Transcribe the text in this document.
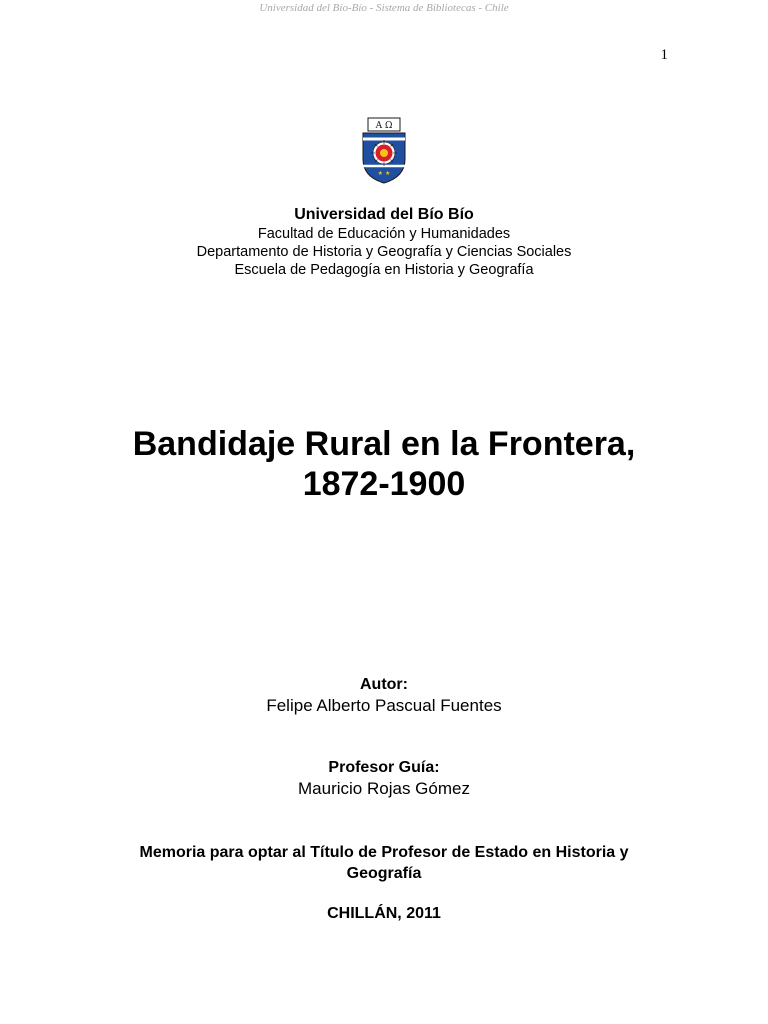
Universidad del Bío-Bío - Sistema de Bibliotecas - Chile
1
A Ω
★ ★
Universidad del Bío Bío
Facultad de Educación y Humanidades
Departamento de Historia y Geografía y Ciencias Sociales
Escuela de Pedagogía en Historia y Geografía
Bandidaje Rural en la Frontera,
1872-1900
Autor:
Felipe Alberto Pascual Fuentes
Profesor Guía:
Mauricio Rojas Gómez
Memoria para optar al Título de Profesor de Estado en Historia y
Geografía
CHILLÁN, 2011
